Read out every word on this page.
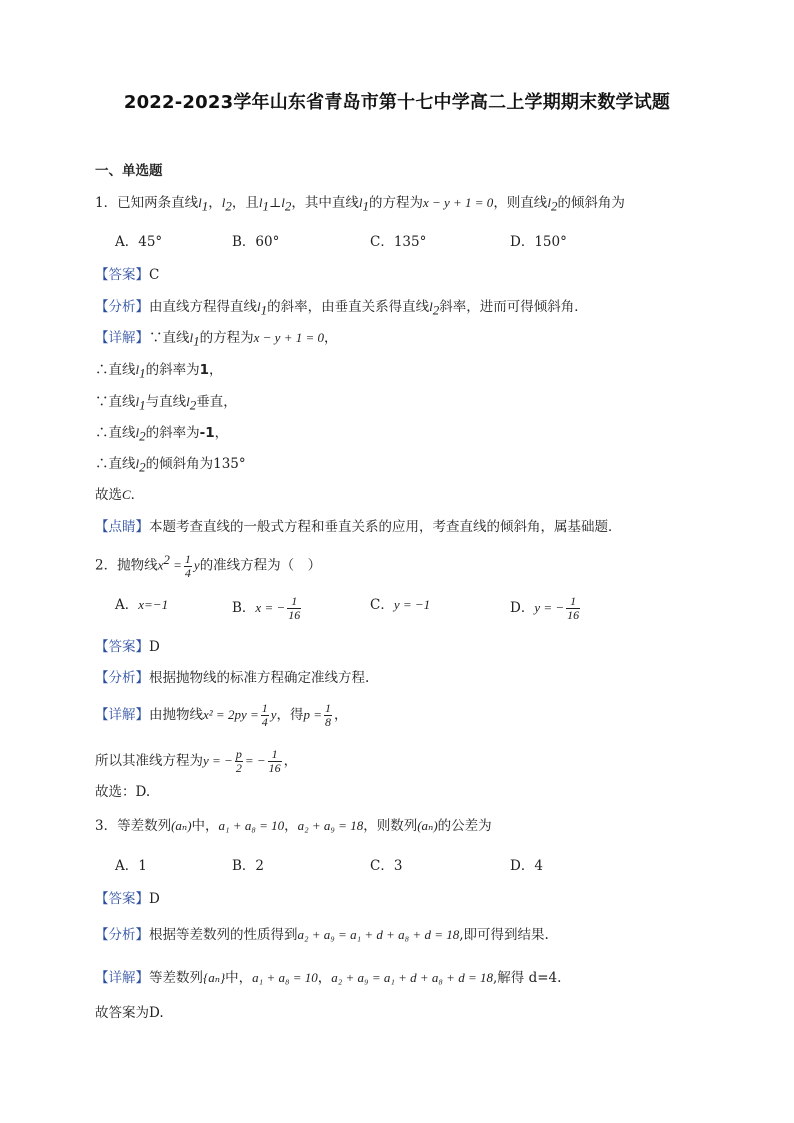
2022-2023学年山东省青岛市第十七中学高二上学期期末数学试题
一、单选题
1．已知两条直线$l_1$，$l_2$，且$l_1\perp l_2$，其中直线$l_1$的方程为x − y + 1 = 0，则直线$l_2$的倾斜角为
A．45°	B．60°	C．135°	D．150°
【答案】C
【分析】由直线方程得直线$l_1$的斜率，由垂直关系得直线$l_2$斜率，进而可得倾斜角．
【详解】∵直线$l_1$的方程为x − y + 1 = 0，
∴直线$l_1$的斜率为1，
∵直线$l_1$与直线$l_2$垂直，
∴直线$l_2$的斜率为-1，
∴直线$l_2$的倾斜角为135°
故选C．
【点睛】本题考查直线的一般式方程和垂直关系的应用，考查直线的倾斜角，属基础题．
2．抛物线$x^2 = \frac{1}{4}$ y的准线方程为（　）
A．x=−1	B．x = − $\frac{1}{16}$	C．y = −1	D．y = − $\frac{1}{16}$
【答案】D
【分析】根据抛物线的标准方程确定准线方程.
【详解】由抛物线$x^2 = 2py = \frac{1}{4}$ y，得$p = \frac{1}{8}$ ，
所以其准线方程为y = − $\frac{p}{2}$ = − $\frac{1}{16}$ ，
故选：D.
3．等差数列(aₙ)中，a₁ + a₈ = 10，a₂ + a₉ = 18，则数列(aₙ)的公差为
A．1	B．2	C．3	D．4
【答案】D
【分析】根据等差数列的性质得到a₂ + a₉ = a₁ + d + a₈ + d = 18,即可得到结果.
【详解】等差数列{aₙ}中，a₁ + a₈ = 10，a₂ + a₉ = a₁ + d + a₈ + d = 18,解得 d=4.
故答案为D.
